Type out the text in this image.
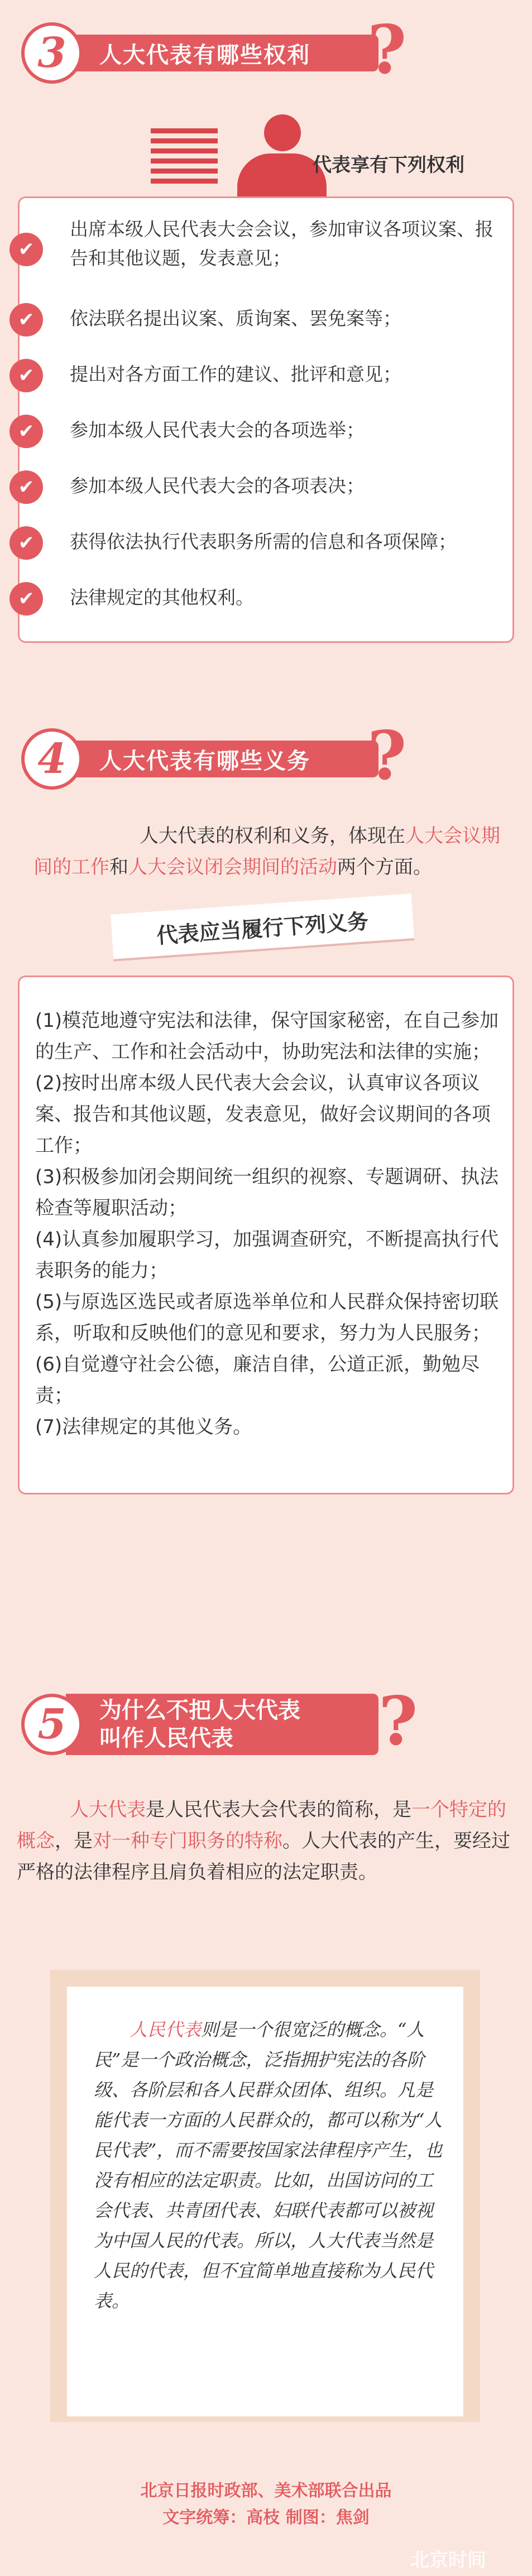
人大代表有哪些权利
3	?
代表享有下列权利
✔
出席本级人民代表大会会议，参加审议各项议案、报告和其他议题，发表意见；
✔	依法联名提出议案、质询案、罢免案等；
✔	提出对各方面工作的建议、批评和意见；
✔	参加本级人民代表大会的各项选举；
✔	参加本级人民代表大会的各项表决；
✔	获得依法执行代表职务所需的信息和各项保障；
✔	法律规定的其他权利。
人大代表有哪些义务
4	?
人大代表的权利和义务，体现在人大会议期间的工作和人大会议闭会期间的活动两个方面。
(1)模范地遵守宪法和法律，保守国家秘密，在自己参加的生产、工作和社会活动中，协助宪法和法律的实施；
(2)按时出席本级人民代表大会会议，认真审议各项议案、报告和其他议题，发表意见，做好会议期间的各项工作；
(3)积极参加闭会期间统一组织的视察、专题调研、执法检查等履职活动；
(4)认真参加履职学习，加强调查研究，不断提高执行代表职务的能力；
(5)与原选区选民或者原选举单位和人民群众保持密切联系，听取和反映他们的意见和要求，努力为人民服务；
(6)自觉遵守社会公德，廉洁自律，公道正派，勤勉尽责；
(7)法律规定的其他义务。
代表应当履行下列义务
为什么不把人大代表
叫作人民代表
5	?
人大代表是人民代表大会代表的简称，是一个特定的概念，是对一种专门职务的特称。人大代表的产生，要经过严格的法律程序且肩负着相应的法定职责。
人民代表则是一个很宽泛的概念。“人民”是一个政治概念，泛指拥护宪法的各阶级、各阶层和各人民群众团体、组织。凡是能代表一方面的人民群众的，都可以称为“人民代表”，而不需要按国家法律程序产生，也没有相应的法定职责。比如，出国访问的工会代表、共青团代表、妇联代表都可以被视为中国人民的代表。所以，人大代表当然是人民的代表，但不宜简单地直接称为人民代表。
北京日报时政部、美术部联合出品
文字统筹：高枝 制图：焦剑
北京时间
